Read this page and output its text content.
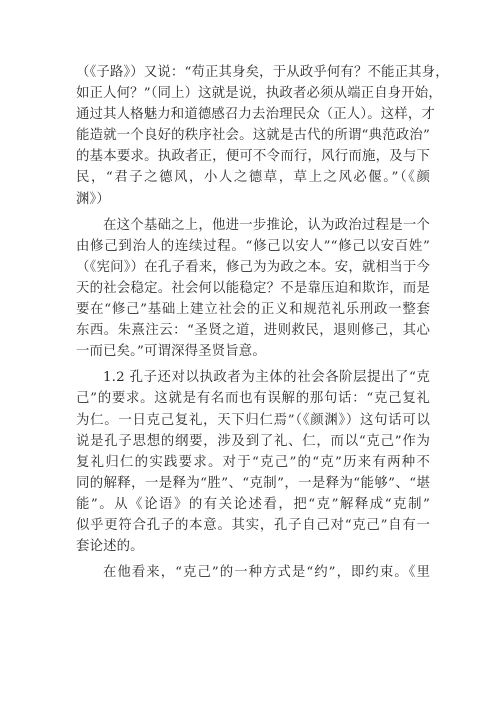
（《子路》）又说：“苟正其身矣，于从政乎何有？不能正其身，
如正人何？”（同上）这就是说，执政者必须从端正自身开始，
通过其人格魅力和道德感召力去治理民众（正人）。这样，才
能造就一个良好的秩序社会。这就是古代的所谓“典范政治”
的基本要求。执政者正，便可不令而行，风行而施，及与下
民，“君子之德风，小人之德草，草上之风必偃。”（《颜
渊》）

在这个基础之上，他进一步推论，认为政治过程是一个
由修己到治人的连续过程。“修己以安人”“修己以安百姓”
（《宪问》）在孔子看来，修己为为政之本。安，就相当于今
天的社会稳定。社会何以能稳定？不是靠压迫和欺诈，而是
要在“修己”基础上建立社会的正义和规范礼乐刑政一整套
东西。朱熹注云：“圣贤之道，进则救民，退则修己，其心
一而已矣。”可谓深得圣贤旨意。

1.2 孔子还对以执政者为主体的社会各阶层提出了“克
己”的要求。这就是有名而也有误解的那句话：“克己复礼
为仁。一日克己复礼，天下归仁焉”（《颜渊》）这句话可以
说是孔子思想的纲要，涉及到了礼、仁，而以“克己”作为
复礼归仁的实践要求。对于“克己”的“克”历来有两种不
同的解释，一是释为“胜”、“克制”，一是释为“能够”、“堪
能”。从《论语》的有关论述看，把“克”解释成“克制”
似乎更符合孔子的本意。其实，孔子自己对“克己”自有一
套论述的。

在他看来，“克己”的一种方式是“约”，即约束。《里
